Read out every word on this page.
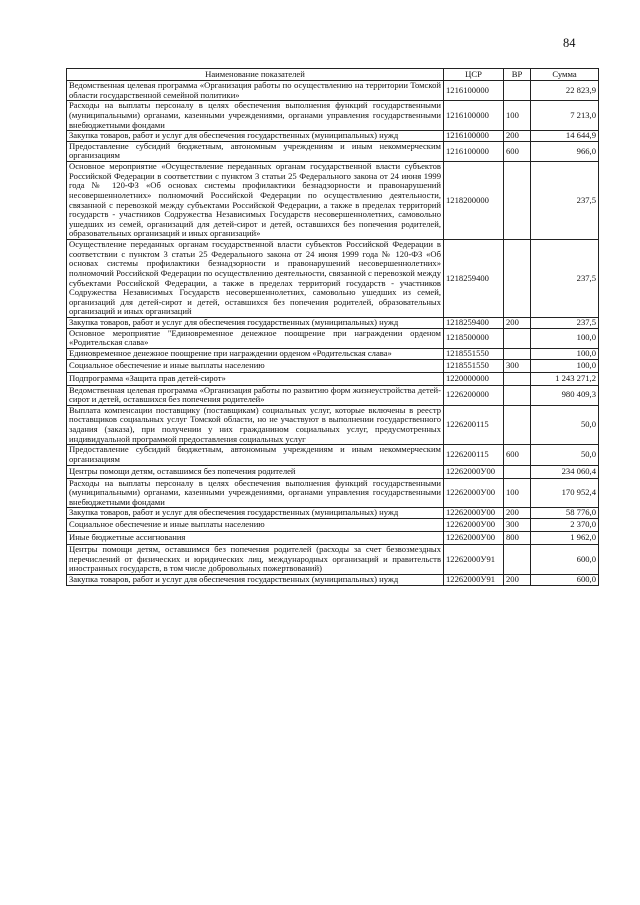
84
Наименование показателей	ЦСР	ВР	Сумма
Ведомственная целевая программа «Организация работы по осуществлению на территории Томской области государственной семейной политики»	1216100000		22 823,9
Расходы на выплаты персоналу в целях обеспечения выполнения функций государственными (муниципальными) органами, казенными учреждениями, органами управления государственными внебюджетными фондами	1216100000	100	7 213,0
Закупка товаров, работ и услуг для обеспечения государственных (муниципальных) нужд	1216100000	200	14 644,9
Предоставление субсидий бюджетным, автономным учреждениям и иным некоммерческим организациям	1216100000	600	966,0
Основное мероприятие «Осуществление переданных органам государственной власти субъектов Российской Федерации в соответствии с пунктом 3 статьи 25 Федерального закона от 24 июня 1999 года № 120-ФЗ «Об основах системы профилактики безнадзорности и правонарушений несовершеннолетних» полномочий Российской Федерации по осуществлению деятельности, связанной с перевозкой между субъектами Российской Федерации, а также в пределах территорий государств - участников Содружества Независимых Государств несовершеннолетних, самовольно ушедших из семей, организаций для детей-сирот и детей, оставшихся без попечения родителей, образовательных организаций и иных организаций»	1218200000		237,5
Осуществление переданных органам государственной власти субъектов Российской Федерации в соответствии с пунктом 3 статьи 25 Федерального закона от 24 июня 1999 года № 120-ФЗ «Об основах системы профилактики безнадзорности и правонарушений несовершеннолетних» полномочий Российской Федерации по осуществлению деятельности, связанной с перевозкой между субъектами Российской Федерации, а также в пределах территорий государств - участников Содружества Независимых Государств несовершеннолетних, самовольно ушедших из семей, организаций для детей-сирот и детей, оставшихся без попечения родителей, образовательных организаций и иных организаций	1218259400		237,5
Закупка товаров, работ и услуг для обеспечения государственных (муниципальных) нужд	1218259400	200	237,5
Основное мероприятие "Единовременное денежное поощрение при награждении орденом «Родительская слава»	1218500000		100,0
Единовременное денежное поощрение при награждении орденом «Родительская слава»	1218551550		100,0
Социальное обеспечение и иные выплаты населению	1218551550	300	100,0
Подпрограмма «Защита прав детей-сирот»	1220000000		1 243 271,2
Ведомственная целевая программа «Организация работы по развитию форм жизнеустройства детей-сирот и детей, оставшихся без попечения родителей»	1226200000		980 409,3
Выплата компенсации поставщику (поставщикам) социальных услуг, которые включены в реестр поставщиков социальных услуг Томской области, но не участвуют в выполнении государственного задания (заказа), при получении у них гражданином социальных услуг, предусмотренных индивидуальной программой предоставления социальных услуг	1226200115		50,0
Предоставление субсидий бюджетным, автономным учреждениям и иным некоммерческим организациям	1226200115	600	50,0
Центры помощи детям, оставшимся без попечения родителей	12262000У00		234 060,4
Расходы на выплаты персоналу в целях обеспечения выполнения функций государственными (муниципальными) органами, казенными учреждениями, органами управления государственными внебюджетными фондами	12262000У00	100	170 952,4
Закупка товаров, работ и услуг для обеспечения государственных (муниципальных) нужд	12262000У00	200	58 776,0
Социальное обеспечение и иные выплаты населению	12262000У00	300	2 370,0
Иные бюджетные ассигнования	12262000У00	800	1 962,0
Центры помощи детям, оставшимся без попечения родителей (расходы за счет безвозмездных перечислений от физических и юридических лиц, международных организаций и правительств иностранных государств, в том числе добровольных пожертвований)	12262000У91		600,0
Закупка товаров, работ и услуг для обеспечения государственных (муниципальных) нужд	12262000У91	200	600,0
